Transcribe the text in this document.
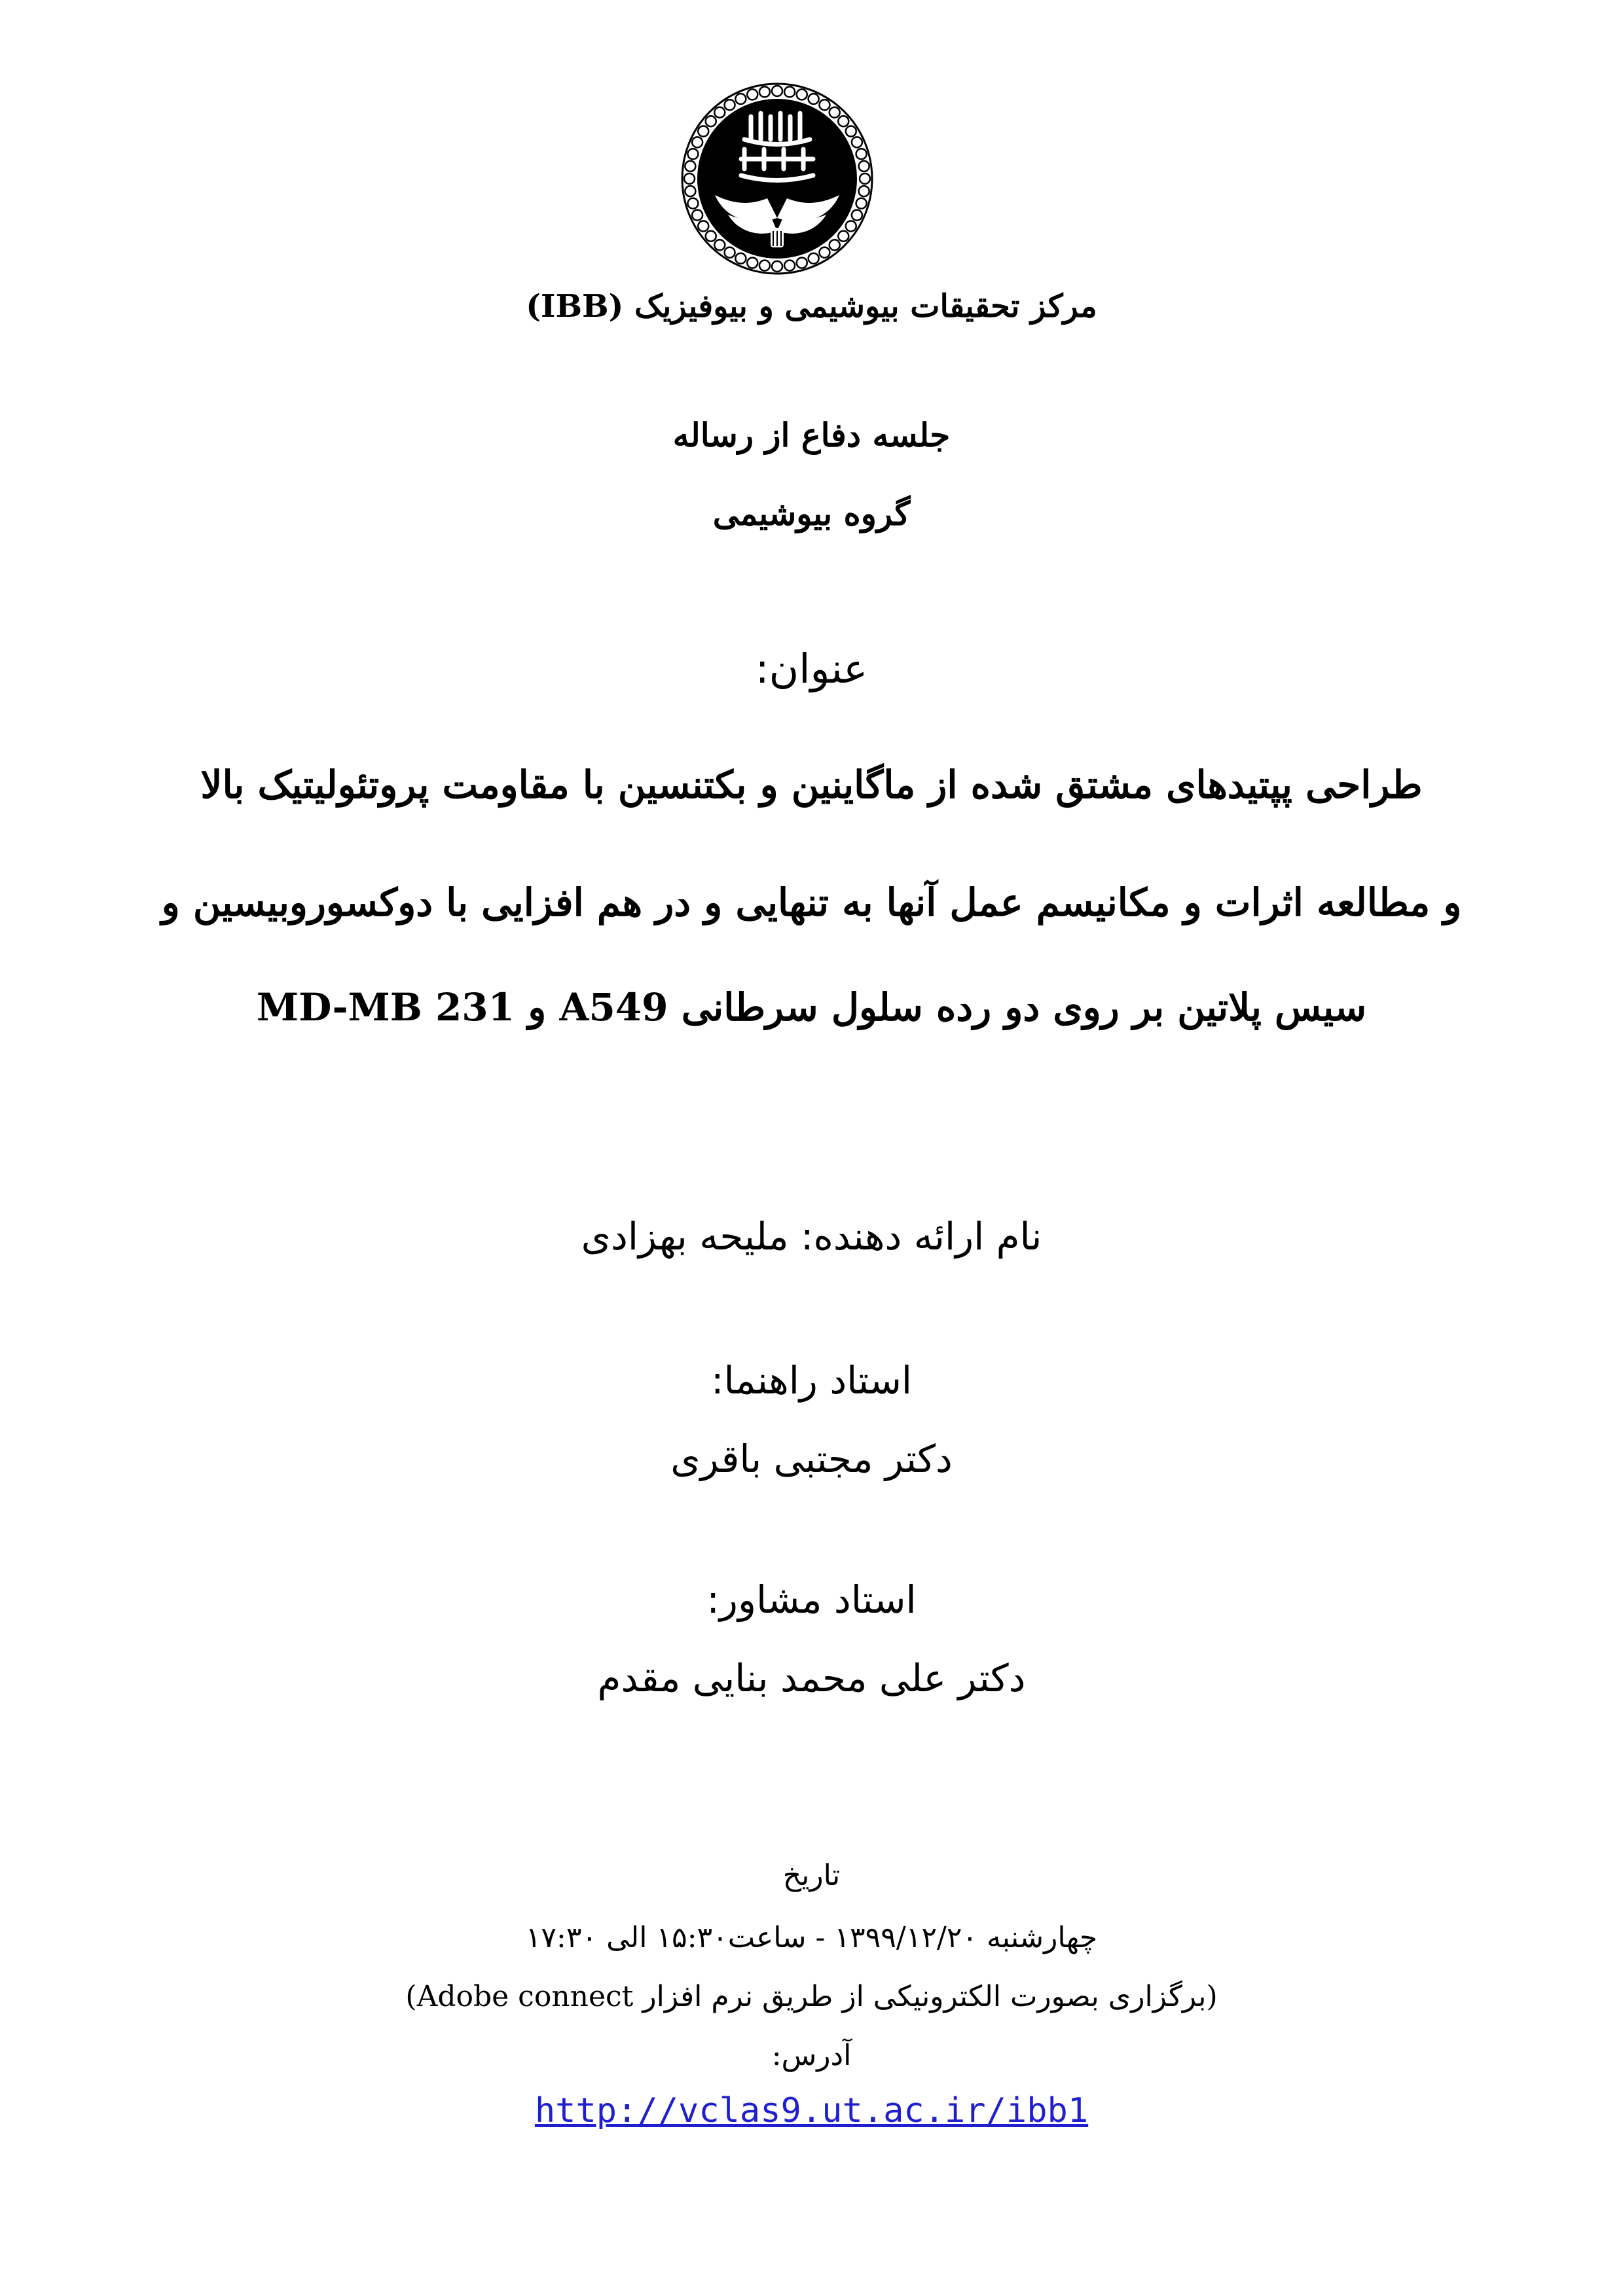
مرکز تحقیقات بیوشیمی و بیوفیزیک (IBB)
جلسه دفاع از رساله
گروه بیوشیمی
عنوان:
طراحی پپتیدهای مشتق شده از ماگاینین و بکتنسین با مقاومت پروتئولیتیک بالا
و مطالعه اثرات و مکانیسم عمل آنها به تنهایی و در هم افزایی با دوکسوروبیسین و
سیس پلاتین بر روی دو رده سلول سرطانی A549 و MD-MB 231
نام ارائه دهنده: ملیحه بهزادی
استاد راهنما:
دکتر مجتبی باقری
استاد مشاور:
دکتر علی محمد بنایی مقدم
تاریخ
چهارشنبه ۱۳۹۹/۱۲/۲۰ - ساعت۱۵:۳۰ الی ۱۷:۳۰
(برگزاری بصورت الکترونیکی از طریق نرم افزار Adobe connect)
آدرس:
http://vclas9.ut.ac.ir/ibb1
